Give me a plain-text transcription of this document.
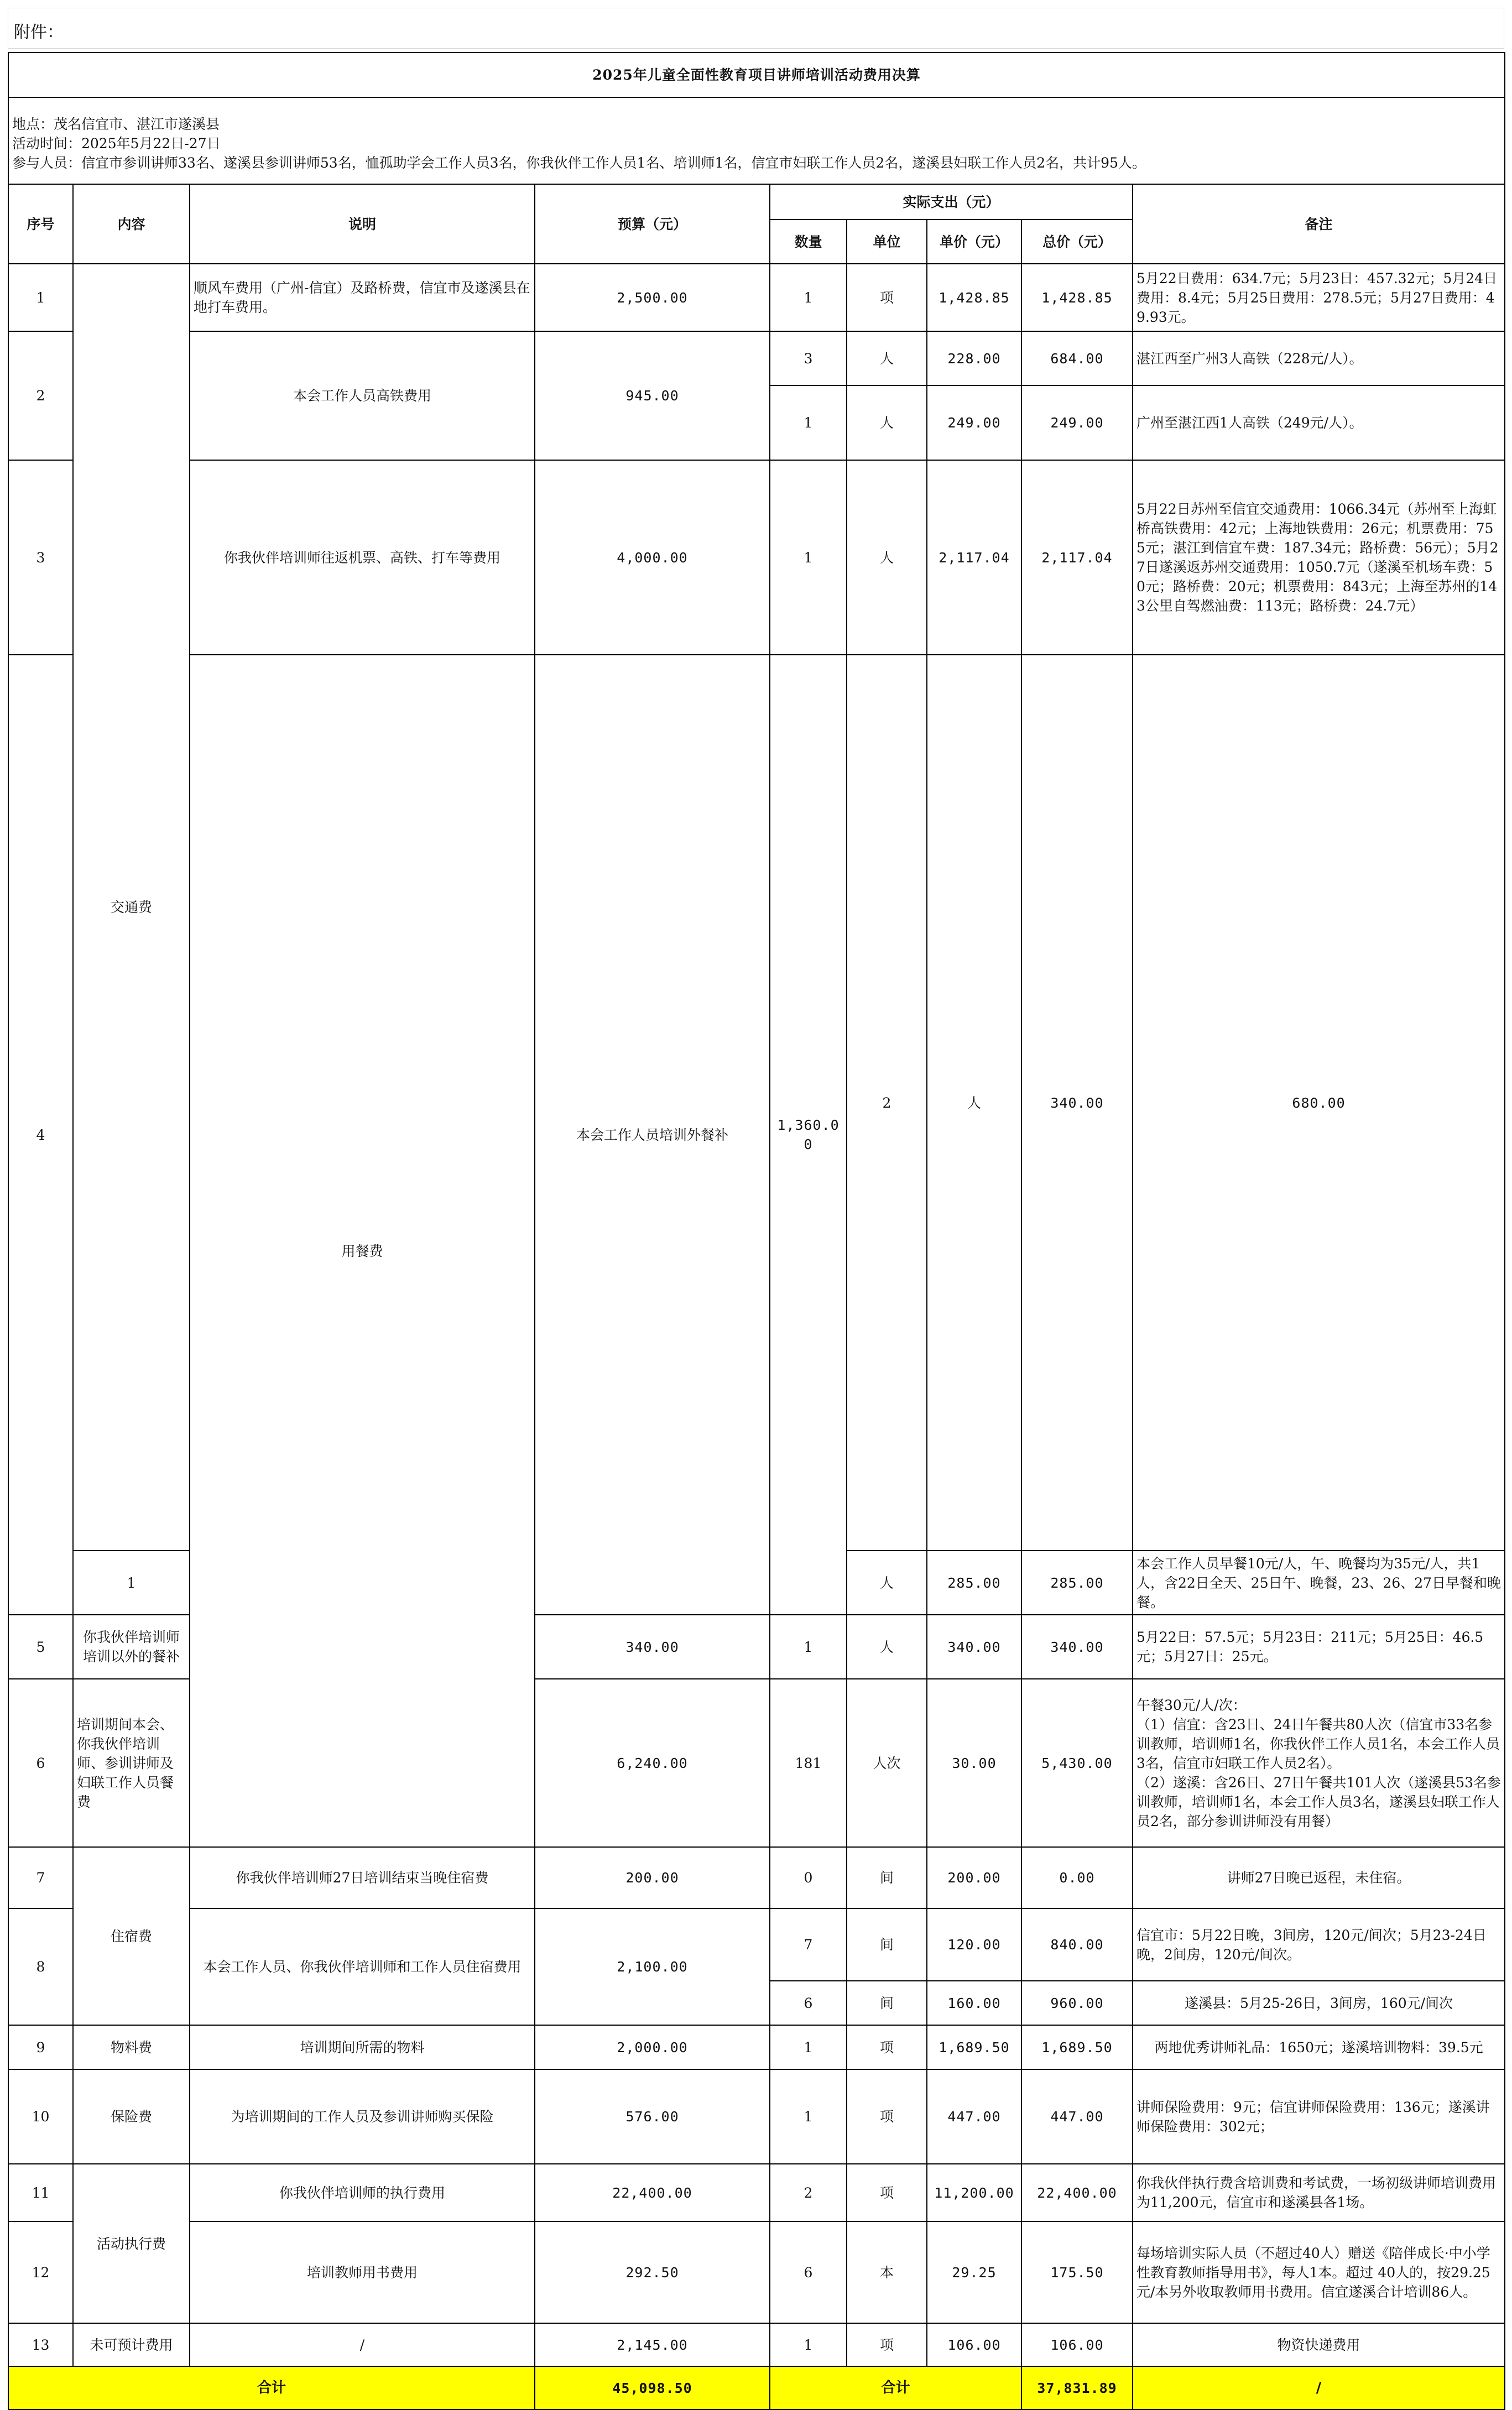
附件：
2025年儿童全面性教育项目讲师培训活动费用决算									

地点：茂名信宜市、湛江市遂溪县
活动时间：2025年5月22日-27日
参与人员：信宜市参训讲师33名、遂溪县参训讲师53名，恤孤助学会工作人员3名，你我伙伴工作人员1名、培训师1名，信宜市妇联工作人员2名，遂溪县妇联工作人员2名，共计95人。									

序号	内容	说明	预算（元）	实际支出（元）				备注	
				数量	单位	单价（元）	总价（元）		
1	交通费	顺风车费用（广州-信宜）及路桥费，信宜市及遂溪县在地打车费用。	2,500.00	1	项	1,428.85	1,428.85	5月22日费用：634.7元；5月23日：457.32元；5月24日费用：8.4元；5月25日费用：278.5元；5月27日费用：49.93元。	
2		本会工作人员高铁费用	945.00	3	人	228.00	684.00	湛江西至广州3人高铁（228元/人）。	
				1	人	249.00	249.00	广州至湛江西1人高铁（249元/人）。	
3		你我伙伴培训师往返机票、高铁、打车等费用	4,000.00	1	人	2,117.04	2,117.04	5月22日苏州至信宜交通费用：1066.34元（苏州至上海虹桥高铁费用：42元；上海地铁费用：26元；机票费用：755元；湛江到信宜车费：187.34元；路桥费：56元）；5月27日遂溪返苏州交通费用：1050.7元（遂溪至机场车费：50元；路桥费：20元；机票费用：843元；上海至苏州的143公里自驾燃油费：113元；路桥费：24.7元）	
4		用餐费	本会工作人员培训外餐补	1,360.00	2	人	340.00	680.00	
	1				人	285.00	285.00	本会工作人员早餐10元/人，午、晚餐均为35元/人，共1人，含22日全天、25日午、晚餐，23、26、27日早餐和晚餐。	
5	你我伙伴培训师培训以外的餐补		340.00	1	人	340.00	340.00	5月22日：57.5元；5月23日：211元；5月25日：46.5元；5月27日：25元。	
6	培训期间本会、你我伙伴培训师、参训讲师及妇联工作人员餐费		6,240.00	181	人次	30.00	5,430.00	午餐30元/人/次：
（1）信宜：含23日、24日午餐共80人次（信宜市33名参训教师，培训师1名，你我伙伴工作人员1名，本会工作人员3名，信宜市妇联工作人员2名）。
（2）遂溪：含26日、27日午餐共101人次（遂溪县53名参训教师，培训师1名，本会工作人员3名，遂溪县妇联工作人员2名，部分参训讲师没有用餐）	
7	住宿费	你我伙伴培训师27日培训结束当晚住宿费	200.00	0	间	200.00	0.00	讲师27日晚已返程，未住宿。	
8		本会工作人员、你我伙伴培训师和工作人员住宿费用	2,100.00	7	间	120.00	840.00	信宜市：5月22日晚，3间房，120元/间次；5月23-24日晚，2间房，120元/间次。	
				6	间	160.00	960.00	遂溪县：5月25-26日，3间房，160元/间次	
9	物料费	培训期间所需的物料	2,000.00	1	项	1,689.50	1,689.50	两地优秀讲师礼品：1650元；遂溪培训物料：39.5元	
10	保险费	为培训期间的工作人员及参训讲师购买保险	576.00	1	项	447.00	447.00	讲师保险费用：9元；信宜讲师保险费用：136元；遂溪讲师保险费用：302元；	
11	活动执行费	你我伙伴培训师的执行费用	22,400.00	2	项	11,200.00	22,400.00	你我伙伴执行费含培训费和考试费，一场初级讲师培训费用为11,200元，信宜市和遂溪县各1场。	
12		培训教师用书费用	292.50	6	本	29.25	175.50	每场培训实际人员（不超过40人）赠送《陪伴成长·中小学性教育教师指导用书》，每人1本。超过 40人的，按29.25元/本另外收取教师用书费用。信宜遂溪合计培训86人。	
13	未可预计费用	/	2,145.00	1	项	106.00	106.00	物资快递费用	
合计			45,098.50	合计			37,831.89	/	
